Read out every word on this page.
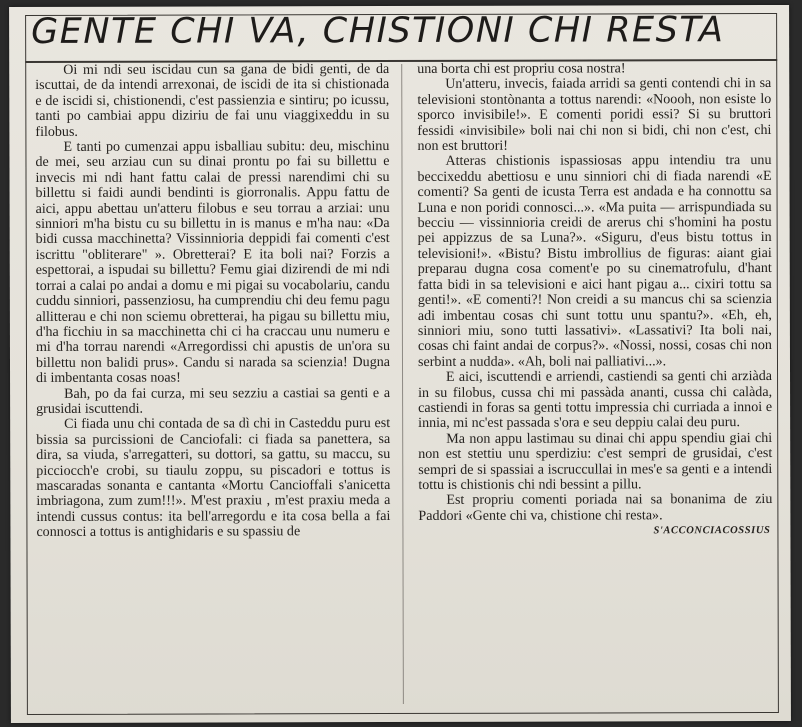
GENTE CHI VA, CHISTIONI CHI RESTA

Oi mi ndi seu iscidau cun sa gana de bidi genti, de da iscuttai, de da intendi arrexonai, de iscidi de ita si chistionada e de iscidi si, chistionendi, c'est passienzia e sintiru; po icussu, tanti po cambiai appu diziriu de fai unu viaggixeddu in su filobus.

E tanti po cumenzai appu isballiau subitu: deu, mischinu de mei, seu arziau cun su dinai prontu po fai su billettu e invecis mi ndi hant fattu calai de pressi narendimi chi su billettu si faidi aundi bendinti is giorronalis. Appu fattu de aici, appu abettau un'atteru filobus e seu torrau a arziai: unu sinniori m'ha bistu cu su billettu in is manus e m'ha nau: «Da bidi cussa macchinetta? Vissinnioria deppidi fai comenti c'est iscrittu "obliterare" ». Obretterai? E ita boli nai? Forzis a espettorai, a ispudai su billettu? Femu giai dizirendi de mi ndi torrai a calai po andai a domu e mi pigai su vocabolariu, candu cuddu sinniori, passenziosu, ha cumprendiu chi deu femu pagu allitterau e chi non sciemu obretterai, ha pigau su billettu miu, d'ha ficchiu in sa macchinetta chi ci ha craccau unu numeru e mi d'ha torrau narendi «Arregordissi chi apustis de un'ora su billettu non balidi prus». Candu si narada sa scienzia! Dugna di imbentanta cosas noas!

Bah, po da fai curza, mi seu sezziu a castiai sa genti e a grusidai iscuttendi.

Ci fiada unu chi contada de sa dì chi in Casteddu puru est bissia sa purcissioni de Canciofali: ci fiada sa panettera, sa dira, sa viuda, s'arregatteri, su dottori, sa gattu, su maccu, su picciocch'e crobi, su tiaulu zoppu, su piscadori e tottus is mascaradas sonanta e cantanta «Mortu Cancioffali s'anicetta imbriagona, zum zum!!!». M'est praxiu , m'est praxiu meda a intendi cussus contus: ita bell'arregordu e ita cosa bella a fai connosci a tottus is antighidaris e su spassiu de

una borta chi est propriu cosa nostra!

Un'atteru, invecis, faiada arridi sa genti contendi chi in sa televisioni stontònanta a tottus narendi: «Noooh, non esiste lo sporco invisibile!». E comenti poridi essi? Si su bruttori fessidi «invisibile» boli nai chi non si bidi, chi non c'est, chi non est bruttori!

Atteras chistionis ispassiosas appu intendiu tra unu beccixeddu abettiosu e unu sinniori chi di fiada narendi «E comenti? Sa genti de icusta Terra est andada e ha connottu sa Luna e non poridi connosci...». «Ma puita — arrispundiada su becciu — vissinnioria creidi de arerus chi s'homini ha postu pei appizzus de sa Luna?». «Siguru, d'eus bistu tottus in televisioni!». «Bistu? Bistu imbrollius de figuras: aiant giai preparau dugna cosa coment'e po su cinematrofulu, d'hant fatta bidi in sa televisioni e aici hant pigau a... cixiri tottu sa genti!». «E comenti?! Non creidi a su mancus chi sa scienzia adi imbentau cosas chi sunt tottu unu spantu?». «Eh, eh, sinniori miu, sono tutti lassativi». «Lassativi? Ita boli nai, cosas chi faint andai de corpus?». «Nossi, nossi, cosas chi non serbint a nudda». «Ah, boli nai palliativi...».

E aici, iscuttendi e arriendi, castiendi sa genti chi arziàda in su filobus, cussa chi mi passàda ananti, cussa chi calàda, castiendi in foras sa genti tottu impressia chi curriada a innoi e innia, mi nc'est passada s'ora e seu deppiu calai deu puru.

Ma non appu lastimau su dinai chi appu spendiu giai chi non est stettiu unu sperdiziu: c'est sempri de grusidai, c'est sempri de si spassiai a iscruccullai in mes'e sa genti e a intendi tottu is chistionis chi ndi bessint a pillu.

Est propriu comenti poriada nai sa bonanima de ziu Paddori «Gente chi va, chistione chi resta».

S'ACCONCIACOSSIUS
